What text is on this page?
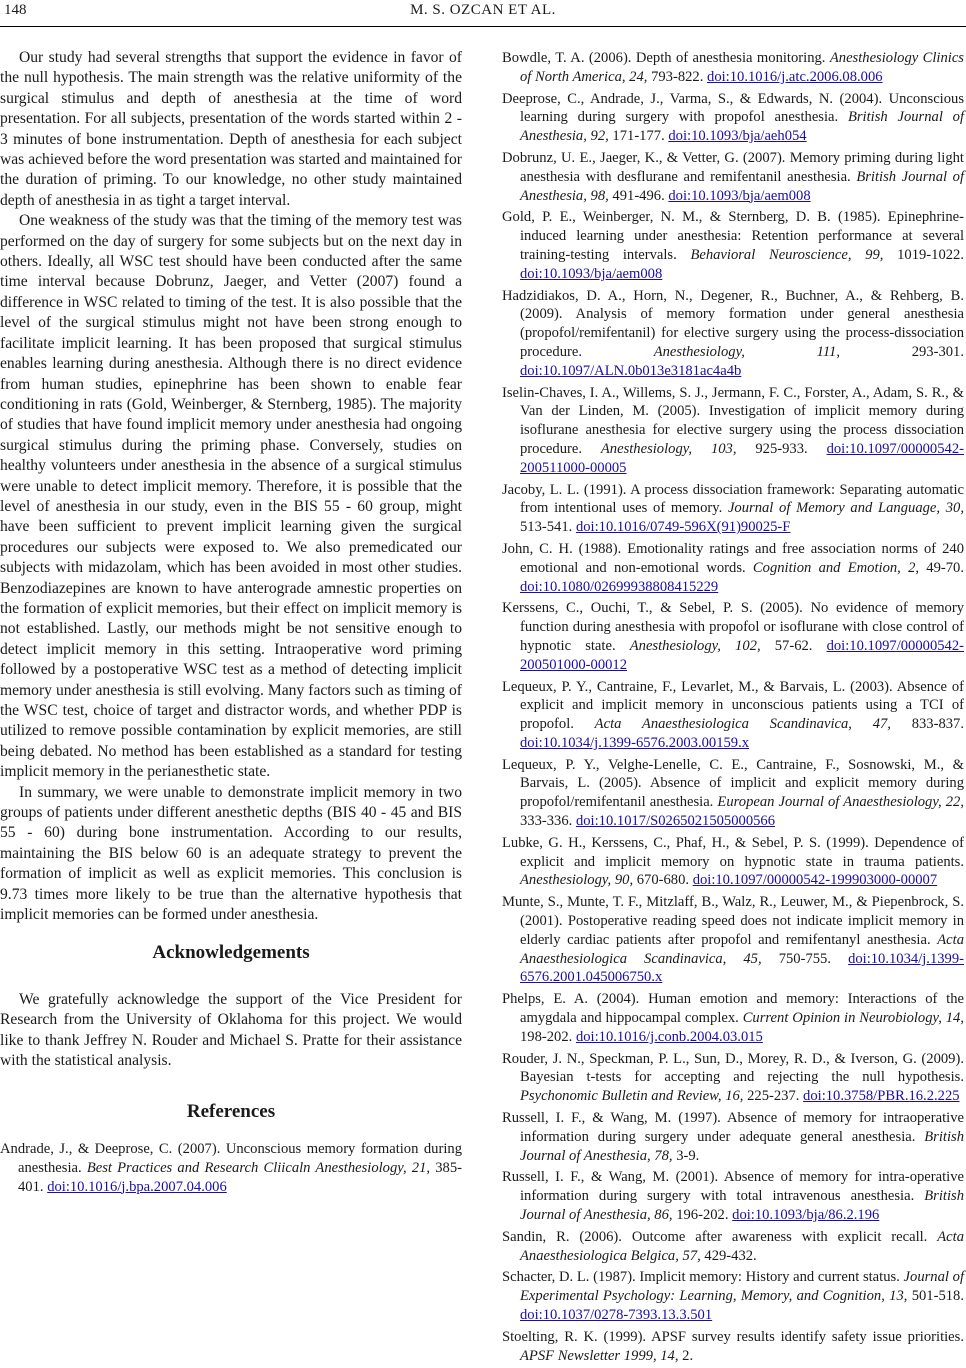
148	M. S. OZCAN ET AL.

Our study had several strengths that support the evidence in favor of the null hypothesis. The main strength was the relative uniformity of the surgical stimulus and depth of anesthesia at the time of word presentation. For all subjects, presentation of the words started within 2 - 3 minutes of bone instrumentation. Depth of anesthesia for each subject was achieved before the word presentation was started and maintained for the duration of priming. To our knowledge, no other study maintained depth of anesthesia in as tight a target interval.

One weakness of the study was that the timing of the memory test was performed on the day of surgery for some subjects but on the next day in others. Ideally, all WSC test should have been conducted after the same time interval because Dobrunz, Jaeger, and Vetter (2007) found a difference in WSC related to timing of the test. It is also possible that the level of the surgical stimulus might not have been strong enough to facilitate implicit learning. It has been proposed that surgical stimulus enables learning during anesthesia. Although there is no direct evidence from human studies, epinephrine has been shown to enable fear conditioning in rats (Gold, Weinberger, & Sternberg, 1985). The majority of studies that have found implicit memory under anesthesia had ongoing surgical stimulus during the priming phase. Conversely, studies on healthy volunteers under anesthesia in the absence of a surgical stimulus were unable to detect implicit memory. Therefore, it is possible that the level of anesthesia in our study, even in the BIS 55 - 60 group, might have been sufficient to prevent implicit learning given the surgical procedures our subjects were exposed to. We also premedicated our subjects with midazolam, which has been avoided in most other studies. Benzodiazepines are known to have anterograde amnestic properties on the formation of explicit memories, but their effect on implicit memory is not established. Lastly, our methods might be not sensitive enough to detect implicit memory in this setting. Intraoperative word priming followed by a postoperative WSC test as a method of detecting implicit memory under anesthesia is still evolving. Many factors such as timing of the WSC test, choice of target and distractor words, and whether PDP is utilized to remove possible contamination by explicit memories, are still being debated. No method has been established as a standard for testing implicit memory in the perianesthetic state.

In summary, we were unable to demonstrate implicit memory in two groups of patients under different anesthetic depths (BIS 40 - 45 and BIS 55 - 60) during bone instrumentation. According to our results, maintaining the BIS below 60 is an adequate strategy to prevent the formation of implicit as well as explicit memories. This conclusion is 9.73 times more likely to be true than the alternative hypothesis that implicit memories can be formed under anesthesia.

Acknowledgements

We gratefully acknowledge the support of the Vice President for Research from the University of Oklahoma for this project. We would like to thank Jeffrey N. Rouder and Michael S. Pratte for their assistance with the statistical analysis.

References

Andrade, J., & Deeprose, C. (2007). Unconscious memory formation during anesthesia. Best Practices and Research Cliicaln Anesthesiology, 21, 385-401. doi:10.1016/j.bpa.2007.04.006

Bowdle, T. A. (2006). Depth of anesthesia monitoring. Anesthesiology Clinics of North America, 24, 793-822. doi:10.1016/j.atc.2006.08.006

Deeprose, C., Andrade, J., Varma, S., & Edwards, N. (2004). Unconscious learning during surgery with propofol anesthesia. British Journal of Anesthesia, 92, 171-177. doi:10.1093/bja/aeh054

Dobrunz, U. E., Jaeger, K., & Vetter, G. (2007). Memory priming during light anesthesia with desflurane and remifentanil anesthesia. British Journal of Anesthesia, 98, 491-496. doi:10.1093/bja/aem008

Gold, P. E., Weinberger, N. M., & Sternberg, D. B. (1985). Epinephrine-induced learning under anesthesia: Retention performance at several training-testing intervals. Behavioral Neuroscience, 99, 1019-1022. doi:10.1093/bja/aem008

Hadzidiakos, D. A., Horn, N., Degener, R., Buchner, A., & Rehberg, B. (2009). Analysis of memory formation under general anesthesia (propofol/remifentanil) for elective surgery using the process-dissociation procedure. Anesthesiology, 111, 293-301. doi:10.1097/ALN.0b013e3181ac4a4b

Iselin-Chaves, I. A., Willems, S. J., Jermann, F. C., Forster, A., Adam, S. R., & Van der Linden, M. (2005). Investigation of implicit memory during isoflurane anesthesia for elective surgery using the process dissociation procedure. Anesthesiology, 103, 925-933. doi:10.1097/00000542-200511000-00005

Jacoby, L. L. (1991). A process dissociation framework: Separating automatic from intentional uses of memory. Journal of Memory and Language, 30, 513-541. doi:10.1016/0749-596X(91)90025-F

John, C. H. (1988). Emotionality ratings and free association norms of 240 emotional and non-emotional words. Cognition and Emotion, 2, 49-70. doi:10.1080/02699938808415229

Kerssens, C., Ouchi, T., & Sebel, P. S. (2005). No evidence of memory function during anesthesia with propofol or isoflurane with close control of hypnotic state. Anesthesiology, 102, 57-62. doi:10.1097/00000542-200501000-00012

Lequeux, P. Y., Cantraine, F., Levarlet, M., & Barvais, L. (2003). Absence of explicit and implicit memory in unconscious patients using a TCI of propofol. Acta Anaesthesiologica Scandinavica, 47, 833-837. doi:10.1034/j.1399-6576.2003.00159.x

Lequeux, P. Y., Velghe-Lenelle, C. E., Cantraine, F., Sosnowski, M., & Barvais, L. (2005). Absence of implicit and explicit memory during propofol/remifentanil anesthesia. European Journal of Anaesthesiology, 22, 333-336. doi:10.1017/S0265021505000566

Lubke, G. H., Kerssens, C., Phaf, H., & Sebel, P. S. (1999). Dependence of explicit and implicit memory on hypnotic state in trauma patients. Anesthesiology, 90, 670-680. doi:10.1097/00000542-199903000-00007

Munte, S., Munte, T. F., Mitzlaff, B., Walz, R., Leuwer, M., & Piepenbrock, S. (2001). Postoperative reading speed does not indicate implicit memory in elderly cardiac patients after propofol and remifentanyl anesthesia. Acta Anaesthesiologica Scandinavica, 45, 750-755. doi:10.1034/j.1399-6576.2001.045006750.x

Phelps, E. A. (2004). Human emotion and memory: Interactions of the amygdala and hippocampal complex. Current Opinion in Neurobiology, 14, 198-202. doi:10.1016/j.conb.2004.03.015

Rouder, J. N., Speckman, P. L., Sun, D., Morey, R. D., & Iverson, G. (2009). Bayesian t-tests for accepting and rejecting the null hypothesis. Psychonomic Bulletin and Review, 16, 225-237. doi:10.3758/PBR.16.2.225

Russell, I. F., & Wang, M. (1997). Absence of memory for intraoperative information during surgery under adequate general anesthesia. British Journal of Anesthesia, 78, 3-9.

Russell, I. F., & Wang, M. (2001). Absence of memory for intra-operative information during surgery with total intravenous anesthesia. British Journal of Anesthesia, 86, 196-202. doi:10.1093/bja/86.2.196

Sandin, R. (2006). Outcome after awareness with explicit recall. Acta Anaesthesiologica Belgica, 57, 429-432.

Schacter, D. L. (1987). Implicit memory: History and current status. Journal of Experimental Psychology: Learning, Memory, and Cognition, 13, 501-518. doi:10.1037/0278-7393.13.3.501

Stoelting, R. K. (1999). APSF survey results identify safety issue priorities. APSF Newsletter 1999, 14, 2.
